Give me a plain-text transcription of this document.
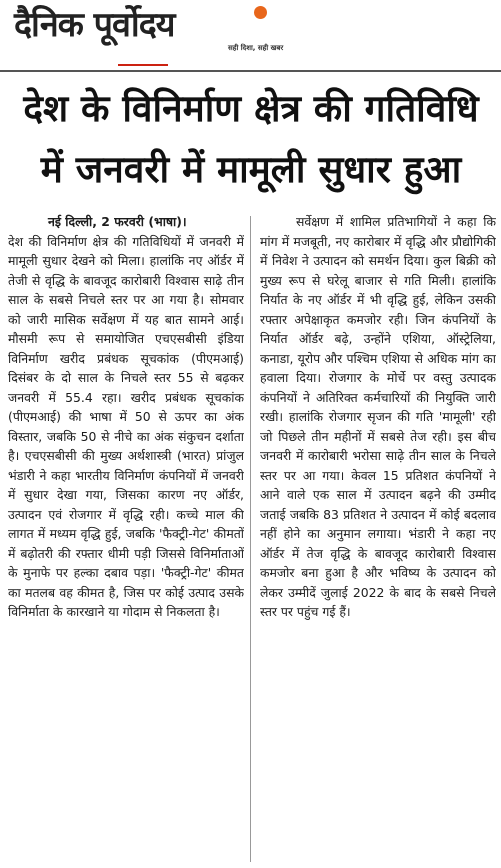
दैनिक पूर्वोदय
सही दिशा, सही खबर
देश के विनिर्माण क्षेत्र की गतिविधि में जनवरी में मामूली सुधार हुआ
नई दिल्ली, 2 फरवरी (भाषा)।

देश की विनिर्माण क्षेत्र की गतिविधियों में जनवरी में मामूली सुधार देखने को मिला। हालांकि नए ऑर्डर में तेजी से वृद्धि के बावजूद कारोबारी विश्वास साढ़े तीन साल के सबसे निचले स्तर पर आ गया है। सोमवार को जारी मासिक सर्वेक्षण में यह बात सामने आई। मौसमी रूप से समायोजित एचएसबीसी इंडिया विनिर्माण खरीद प्रबंधक सूचकांक (पीएमआई) दिसंबर के दो साल के निचले स्तर 55 से बढ़कर जनवरी में 55.4 रहा। खरीद प्रबंधक सूचकांक (पीएमआई) की भाषा में 50 से ऊपर का अंक विस्तार, जबकि 50 से नीचे का अंक संकुचन दर्शाता है। एचएसबीसी की मुख्य अर्थशास्त्री (भारत) प्रांजुल भंडारी ने कहा भारतीय विनिर्माण कंपनियों में जनवरी में सुधार देखा गया, जिसका कारण नए ऑर्डर, उत्पादन एवं रोजगार में वृद्धि रही। कच्चे माल की लागत में मध्यम वृद्धि हुई, जबकि 'फैक्ट्री-गेट' कीमतों में बढ़ोतरी की रफ्तार धीमी पड़ी जिससे विनिर्माताओं के मुनाफे पर हल्का दबाव पड़ा। 'फैक्ट्री-गेट' कीमत का मतलब वह कीमत है, जिस पर कोई उत्पाद उसके विनिर्माता के कारखाने या गोदाम से निकलता है।

सर्वेक्षण में शामिल प्रतिभागियों ने कहा कि मांग में मजबूती, नए कारोबार में वृद्धि और प्रौद्योगिकी में निवेश ने उत्पादन को समर्थन दिया। कुल बिक्री को मुख्य रूप से घरेलू बाजार से गति मिली। हालांकि निर्यात के नए ऑर्डर में भी वृद्धि हुई, लेकिन उसकी रफ्तार अपेक्षाकृत कमजोर रही। जिन कंपनियों के निर्यात ऑर्डर बढ़े, उन्होंने एशिया, ऑस्ट्रेलिया, कनाडा, यूरोप और पश्चिम एशिया से अधिक मांग का हवाला दिया। रोजगार के मोर्चे पर वस्तु उत्पादक कंपनियों ने अतिरिक्त कर्मचारियों की नियुक्ति जारी रखी। हालांकि रोजगार सृजन की गति 'मामूली' रही जो पिछले तीन महीनों में सबसे तेज रही। इस बीच जनवरी में कारोबारी भरोसा साढ़े तीन साल के निचले स्तर पर आ गया। केवल 15 प्रतिशत कंपनियों ने आने वाले एक साल में उत्पादन बढ़ने की उम्मीद जताई जबकि 83 प्रतिशत ने उत्पादन में कोई बदलाव नहीं होने का अनुमान लगाया। भंडारी ने कहा नए ऑर्डर में तेज वृद्धि के बावजूद कारोबारी विश्वास कमजोर बना हुआ है और भविष्य के उत्पादन को लेकर उम्मीदें जुलाई 2022 के बाद के सबसे निचले स्तर पर पहुंच गई हैं।
